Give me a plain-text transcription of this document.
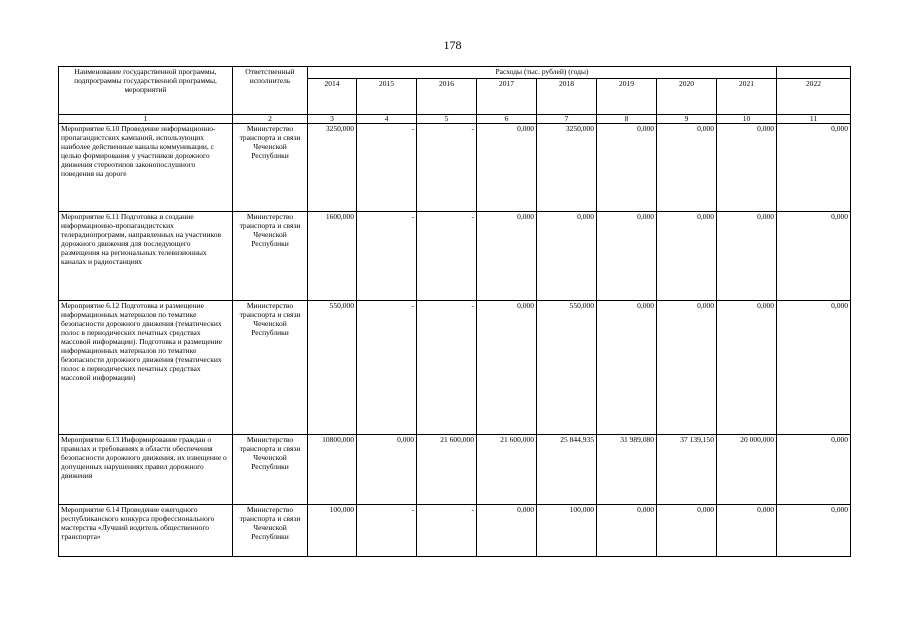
178
Наименование государственной программы, подпрограммы государственной программы, мероприятий	Ответственный исполнитель	Расходы (тыс. рублей) (годы)								
		2014	2015	2016	2017	2018	2019	2020	2021	2022
1	2	3	4	5	6	7	8	9	10	11
Мероприятие 6.10 Проведение информационно-пропагандистских кампаний, использующих наиболее действенные каналы коммуникации, с целью формирования у участников дорожного движения стереотипов законопослушного поведения на дороге	Министерство транспорта и связи Чеченской Республики	3250,000	-	-	0,000	3250,000	0,000	0,000	0,000	0,000
Мероприятие 6.11 Подготовка и создание информационно-пропагандистских телерадиопрограмм, направленных на участников дорожного движения для последующего размещения на региональных телевизионных каналах и радиостанциях	Министерство транспорта и связи Чеченской Республики	1600,000	-	-	0,000	0,000	0,000	0,000	0,000	0,000
Мероприятие 6.12 Подготовка и размещение информационных материалов по тематике безопасности дорожного движения (тематических полос в периодических печатных средствах массовой информации). Подготовка и размещение информационных материалов по тематике безопасности дорожного движения (тематических полос в периодических печатных средствах массовой информации)	Министерство транспорта и связи Чеченской Республики	550,000	-	-	0,000	550,000	0,000	0,000	0,000	0,000
Мероприятие 6.13 Информирование граждан о правилах и требованиях в области обеспечения безопасности дорожного движения, их извещение о допущенных нарушениях правил дорожного движения	Министерство транспорта и связи Чеченской Республики	10800,000	0,000	21 600,000	21 600,000	25 844,935	31 989,080	37 139,150	20 000,000	0,000
Мероприятие 6.14 Проведение ежегодного республиканского конкурса профессионального мастерства «Лучший водитель общественного транспорта»	Министерство транспорта и связи Чеченской Республики	100,000	-	-	0,000	100,000	0,000	0,000	0,000	0,000
